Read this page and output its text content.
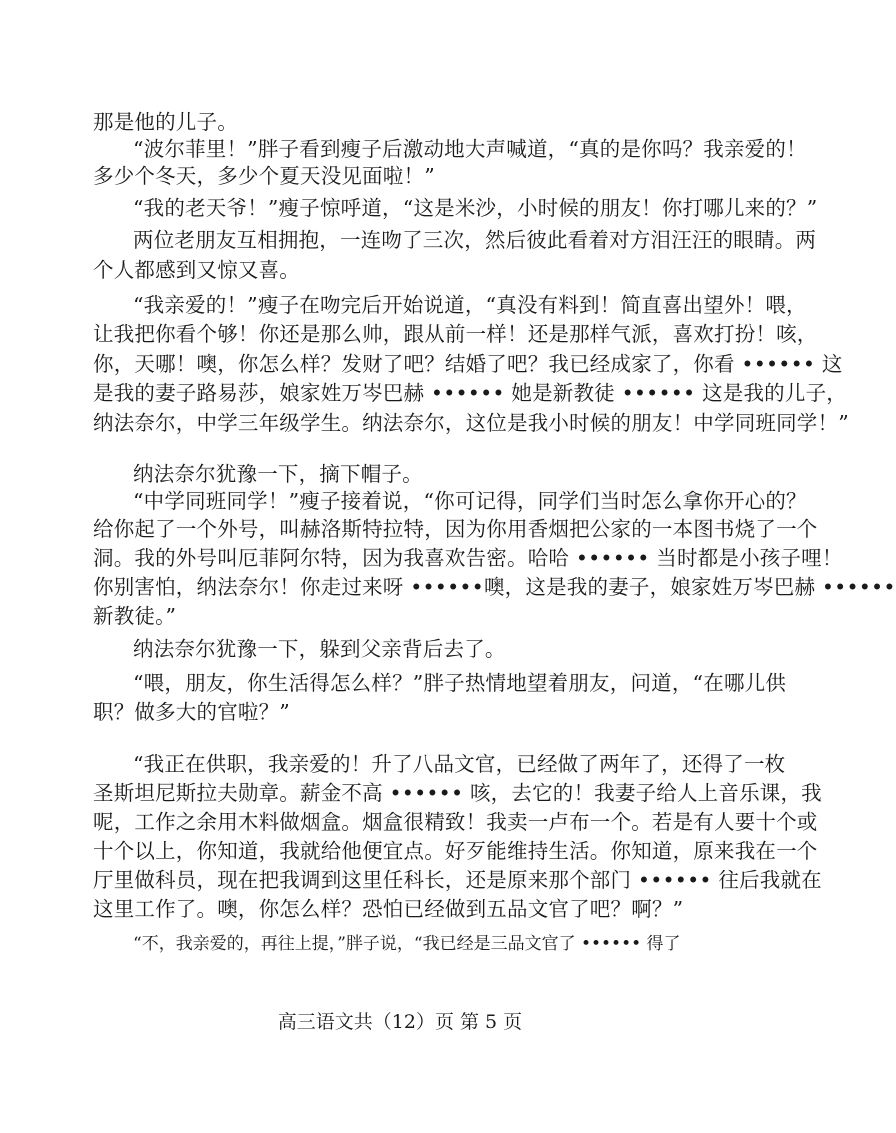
那是他的儿子。
“波尔菲里！”胖子看到瘦子后激动地大声喊道，“真的是你吗？我亲爱的！
多少个冬天，多少个夏天没见面啦！”
“我的老天爷！”瘦子惊呼道，“这是米沙，小时候的朋友！你打哪儿来的？”
两位老朋友互相拥抱，一连吻了三次，然后彼此看着对方泪汪汪的眼睛。两
个人都感到又惊又喜。
“我亲爱的！”瘦子在吻完后开始说道，“真没有料到！简直喜出望外！喂，
让我把你看个够！你还是那么帅，跟从前一样！还是那样气派，喜欢打扮！咳，
你，天哪！噢，你怎么样？发财了吧？结婚了吧？我已经成家了，你看 •••••• 这
是我的妻子路易莎，娘家姓万岑巴赫 •••••• 她是新教徒 •••••• 这是我的儿子，
纳法奈尔，中学三年级学生。纳法奈尔，这位是我小时候的朋友！中学同班同学！”
纳法奈尔犹豫一下，摘下帽子。
“中学同班同学！”瘦子接着说，“你可记得，同学们当时怎么拿你开心的？
给你起了一个外号，叫赫洛斯特拉特，因为你用香烟把公家的一本图书烧了一个
洞。我的外号叫厄菲阿尔特，因为我喜欢告密。哈哈 •••••• 当时都是小孩子哩！
你别害怕，纳法奈尔！你走过来呀 ••••••噢，这是我的妻子，娘家姓万岑巴赫 ••••••
新教徒。”
纳法奈尔犹豫一下，躲到父亲背后去了。
“喂，朋友，你生活得怎么样？”胖子热情地望着朋友，问道，“在哪儿供
职？做多大的官啦？”
“我正在供职，我亲爱的！升了八品文官，已经做了两年了，还得了一枚
圣斯坦尼斯拉夫勋章。薪金不高 •••••• 咳，去它的！我妻子给人上音乐课，我
呢，工作之余用木料做烟盒。烟盒很精致！我卖一卢布一个。若是有人要十个或
十个以上，你知道，我就给他便宜点。好歹能维持生活。你知道，原来我在一个
厅里做科员，现在把我调到这里任科长，还是原来那个部门 •••••• 往后我就在
这里工作了。噢，你怎么样？恐怕已经做到五品文官了吧？啊？”
“不，我亲爱的，再往上提，”胖子说，“我已经是三品文官了 •••••• 得了
高三语文共（12）页 第 5 页
